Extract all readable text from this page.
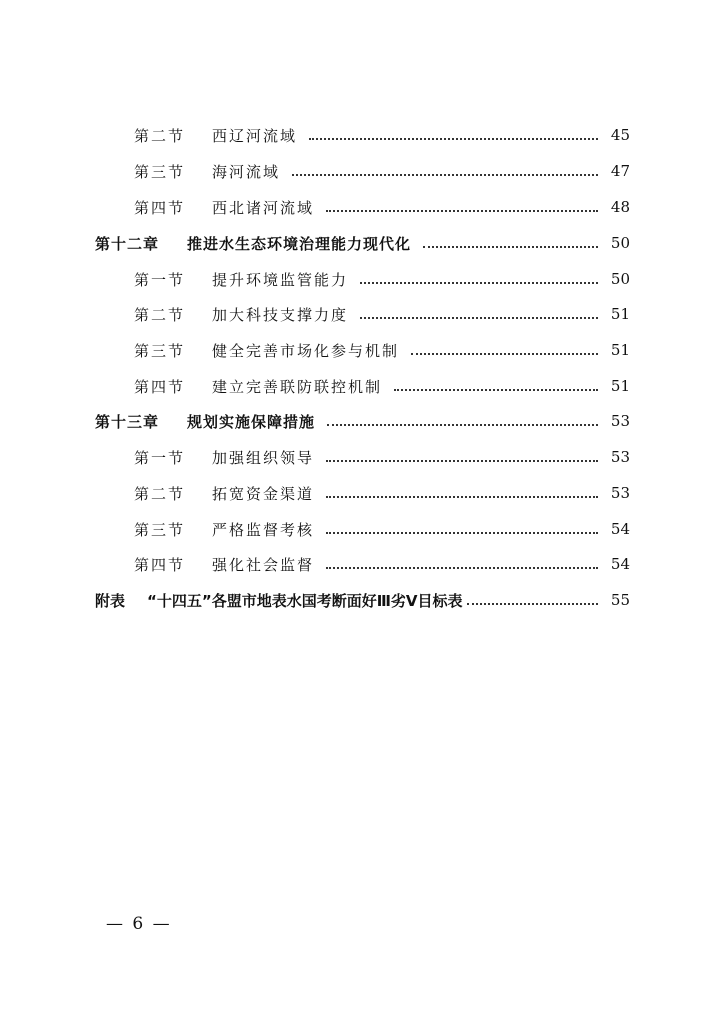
第二节	西辽河流域	45
第三节	海河流域	47
第四节	西北诸河流域	48
第十二章	推进水生态环境治理能力现代化	50
第一节	提升环境监管能力	50
第二节	加大科技支撑力度	51
第三节	健全完善市场化参与机制	51
第四节	建立完善联防联控机制	51
第十三章	规划实施保障措施	53
第一节	加强组织领导	53
第二节	拓宽资金渠道	53
第三节	严格监督考核	54
第四节	强化社会监督	54
附表	“十四五”各盟市地表水国考断面好Ⅲ劣Ⅴ目标表	55
— 6 —
